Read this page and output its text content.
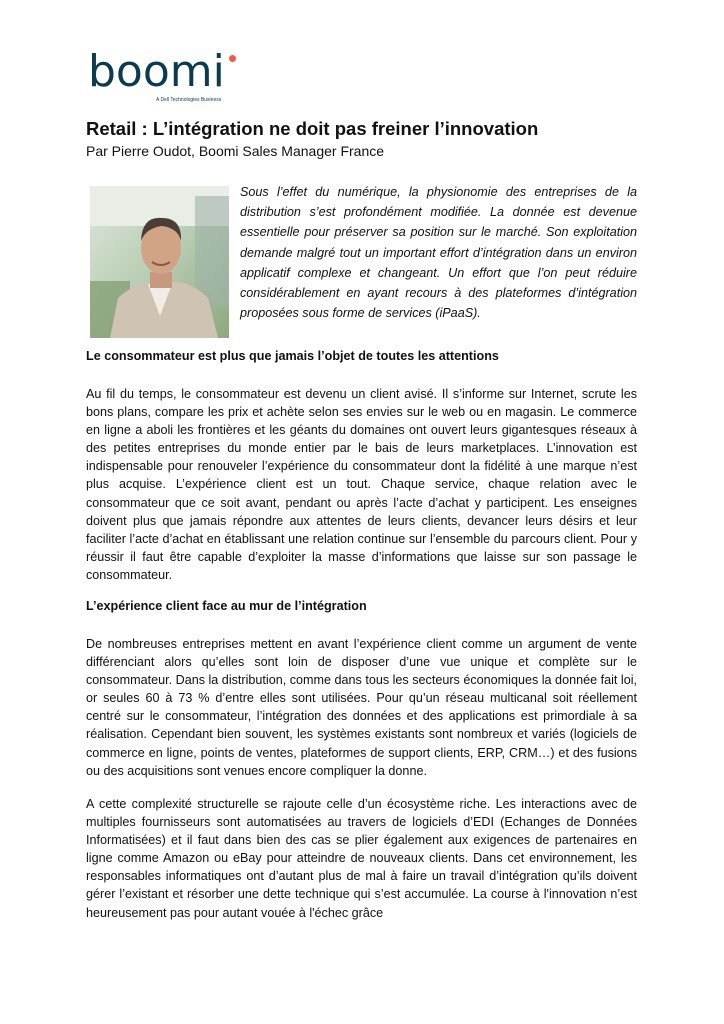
boomi
A Dell Technologies Business
Retail : L’intégration ne doit pas freiner l’innovation

Par Pierre Oudot, Boomi Sales Manager France

Sous l’effet du numérique, la physionomie des entreprises de la distribution s’est profondément modifiée. La donnée est devenue essentielle pour préserver sa position sur le marché. Son exploitation demande malgré tout un important effort d’intégration dans un environ applicatif complexe et changeant. Un effort que l’on peut réduire considérablement en ayant recours à des plateformes d’intégration proposées sous forme de services (iPaaS).

Le consommateur est plus que jamais l’objet de toutes les attentions

Au fil du temps, le consommateur est devenu un client avisé. Il s’informe sur Internet, scrute les bons plans, compare les prix et achète selon ses envies sur le web ou en magasin. Le commerce en ligne a aboli les frontières et les géants du domaines ont ouvert leurs gigantesques réseaux à des petites entreprises du monde entier par le bais de leurs marketplaces. L’innovation est indispensable pour renouveler l’expérience du consommateur dont la fidélité à une marque n’est plus acquise. L’expérience client est un tout. Chaque service, chaque relation avec le consommateur que ce soit avant, pendant ou après l’acte d’achat y participent. Les enseignes doivent plus que jamais répondre aux attentes de leurs clients, devancer leurs désirs et leur faciliter l’acte d’achat en établissant une relation continue sur l’ensemble du parcours client. Pour y réussir il faut être capable d’exploiter la masse d’informations que laisse sur son passage le consommateur.

L’expérience client face au mur de l’intégration

De nombreuses entreprises mettent en avant l’expérience client comme un argument de vente différenciant alors qu’elles sont loin de disposer d’une vue unique et complète sur le consommateur. Dans la distribution, comme dans tous les secteurs économiques la donnée fait loi, or seules 60 à 73 % d’entre elles sont utilisées. Pour qu’un réseau multicanal soit réellement centré sur le consommateur, l’intégration des données et des applications est primordiale à sa réalisation. Cependant bien souvent, les systèmes existants sont nombreux et variés (logiciels de commerce en ligne, points de ventes, plateformes de support clients, ERP, CRM…) et des fusions ou des acquisitions sont venues encore compliquer la donne.

A cette complexité structurelle se rajoute celle d’un écosystème riche. Les interactions avec de multiples fournisseurs sont automatisées au travers de logiciels d’EDI (Echanges de Données Informatisées) et il faut dans bien des cas se plier également aux exigences de partenaires en ligne comme Amazon ou eBay pour atteindre de nouveaux clients. Dans cet environnement, les responsables informatiques ont d’autant plus de mal à faire un travail d’intégration qu’ils doivent gérer l’existant et résorber une dette technique qui s’est accumulée. La course à l'innovation n’est heureusement pas pour autant vouée à l'échec grâce
